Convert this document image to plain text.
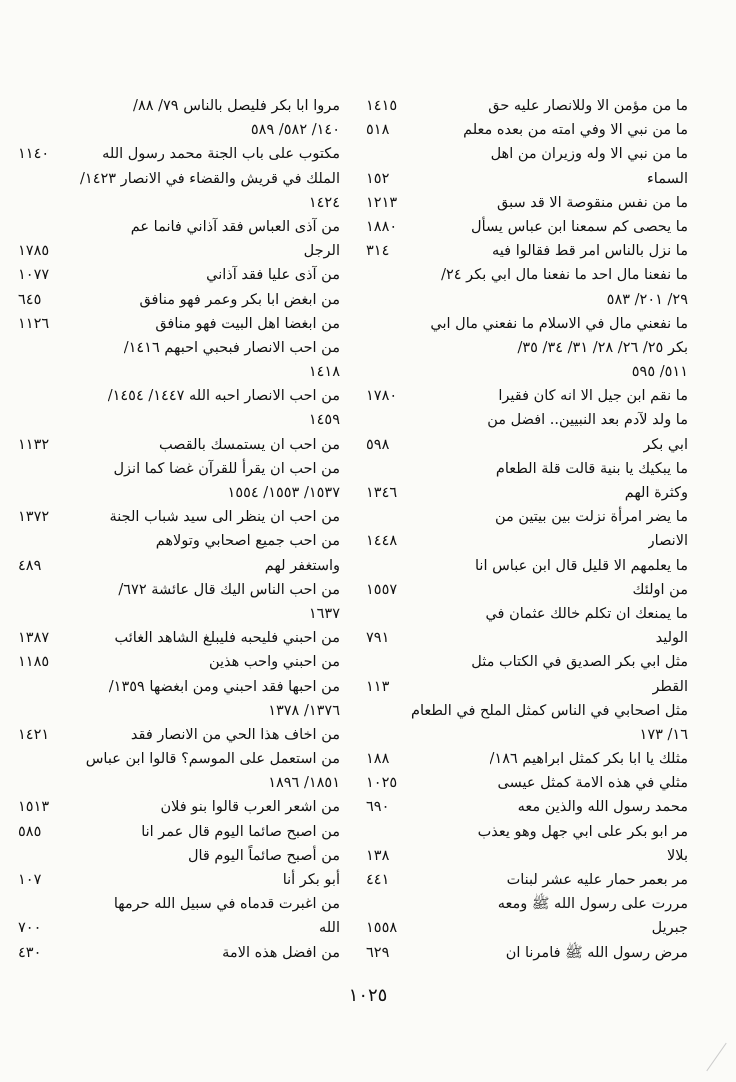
ما من مؤمن الا وللانصار عليه حق
١٤١٥
ما من نبي الا وفي امته من بعده معلم
٥١٨
ما من نبي الا وله وزيران من اهل
السماء
١٥٢
ما من نفس منقوصة الا قد سبق
١٢١٣
ما يحصى كم سمعنا ابن عباس يسأل
١٨٨٠
ما نزل بالناس امر قط فقالوا فيه
٣١٤
ما نفعنا مال احد ما نفعنا مال ابي بكر ٢٤/
٢٩/ ٢٠١/ ٥٨٣
ما نفعني مال في الاسلام ما نفعني مال ابي
بكر ٢٥/ ٢٦/ ٢٨/ ٣١/ ٣٤/ ٣٥/
٥١١/ ٥٩٥
ما نقم ابن جيل الا انه كان فقيرا
١٧٨٠
ما ولد لآدم بعد النبيين.. افضل من
ابي بكر
٥٩٨
ما يبكيك يا بنية قالت قلة الطعام
وكثرة الهم
١٣٤٦
ما يضر امرأة نزلت بين بيتين من
الانصار
١٤٤٨
ما يعلمهم الا قليل قال ابن عباس انا
من اولئك
١٥٥٧
ما يمنعك ان تكلم خالك عثمان في
الوليد
٧٩١
مثل ابي بكر الصديق في الكتاب مثل
القطر
١١٣
مثل اصحابي في الناس كمثل الملح في الطعام
١٦/ ١٧٣
مثلك يا ابا بكر كمثل ابراهيم ١٨٦/
١٨٨
مثلي في هذه الامة كمثل عيسى
١٠٢٥
محمد رسول الله والذين معه
٦٩٠
مر ابو بكر على ابي جهل وهو يعذب
بلالا
١٣٨
مر بعمر حمار عليه عشر لبنات
٤٤١
مررت على رسول الله ﷺ ومعه
جبريل
١٥٥٨
مرض رسول الله ﷺ فامرنا ان
٦٢٩
مروا ابا بكر فليصل بالناس ٧٩/ ٨٨/
١٤٠/ ٥٨٢/ ٥٨٩
مكتوب على باب الجنة محمد رسول الله
١١٤٠
الملك في قريش والقضاء في الانصار ١٤٢٣/
١٤٢٤
من آذى العباس فقد آذاني فانما عم
الرجل
١٧٨٥
من آذى عليا فقد آذاني
١٠٧٧
من ابغض ابا بكر وعمر فهو منافق
٦٤٥
من ابغضا اهل البيت فهو منافق
١١٢٦
من احب الانصار فبحبي احبهم ١٤١٦/
١٤١٨
من احب الانصار احبه الله ١٤٤٧/ ١٤٥٤/
١٤٥٩
من احب ان يستمسك بالقصب
١١٣٢
من احب ان يقرأ للقرآن غضا كما انزل
١٥٣٧/ ١٥٥٣/ ١٥٥٤
من احب ان ينظر الى سيد شباب الجنة
١٣٧٢
من احب جميع اصحابي وتولاهم
واستغفر لهم
٤٨٩
من احب الناس اليك قال عائشة ٦٧٢/
١٦٣٧
من احبني فليحبه فليبلغ الشاهد الغائب
١٣٨٧
من احبني واحب هذين
١١٨٥
من احبها فقد احبني ومن ابغضها ١٣٥٩/
١٣٧٦/ ١٣٧٨
من اخاف هذا الحي من الانصار فقد
١٤٢١
من استعمل على الموسم؟ قالوا ابن عباس
١٨٥١/ ١٨٩٦
من اشعر العرب قالوا بنو فلان
١٥١٣
من اصبح صائما اليوم قال عمر انا
٥٨٥
من أصبح صائماً اليوم قال
أبو بكر أنا
١٠٧
من اغبرت قدماه في سبيل الله حرمها
الله
٧٠٠
من افضل هذه الامة
٤٣٠
١٠٢٥
